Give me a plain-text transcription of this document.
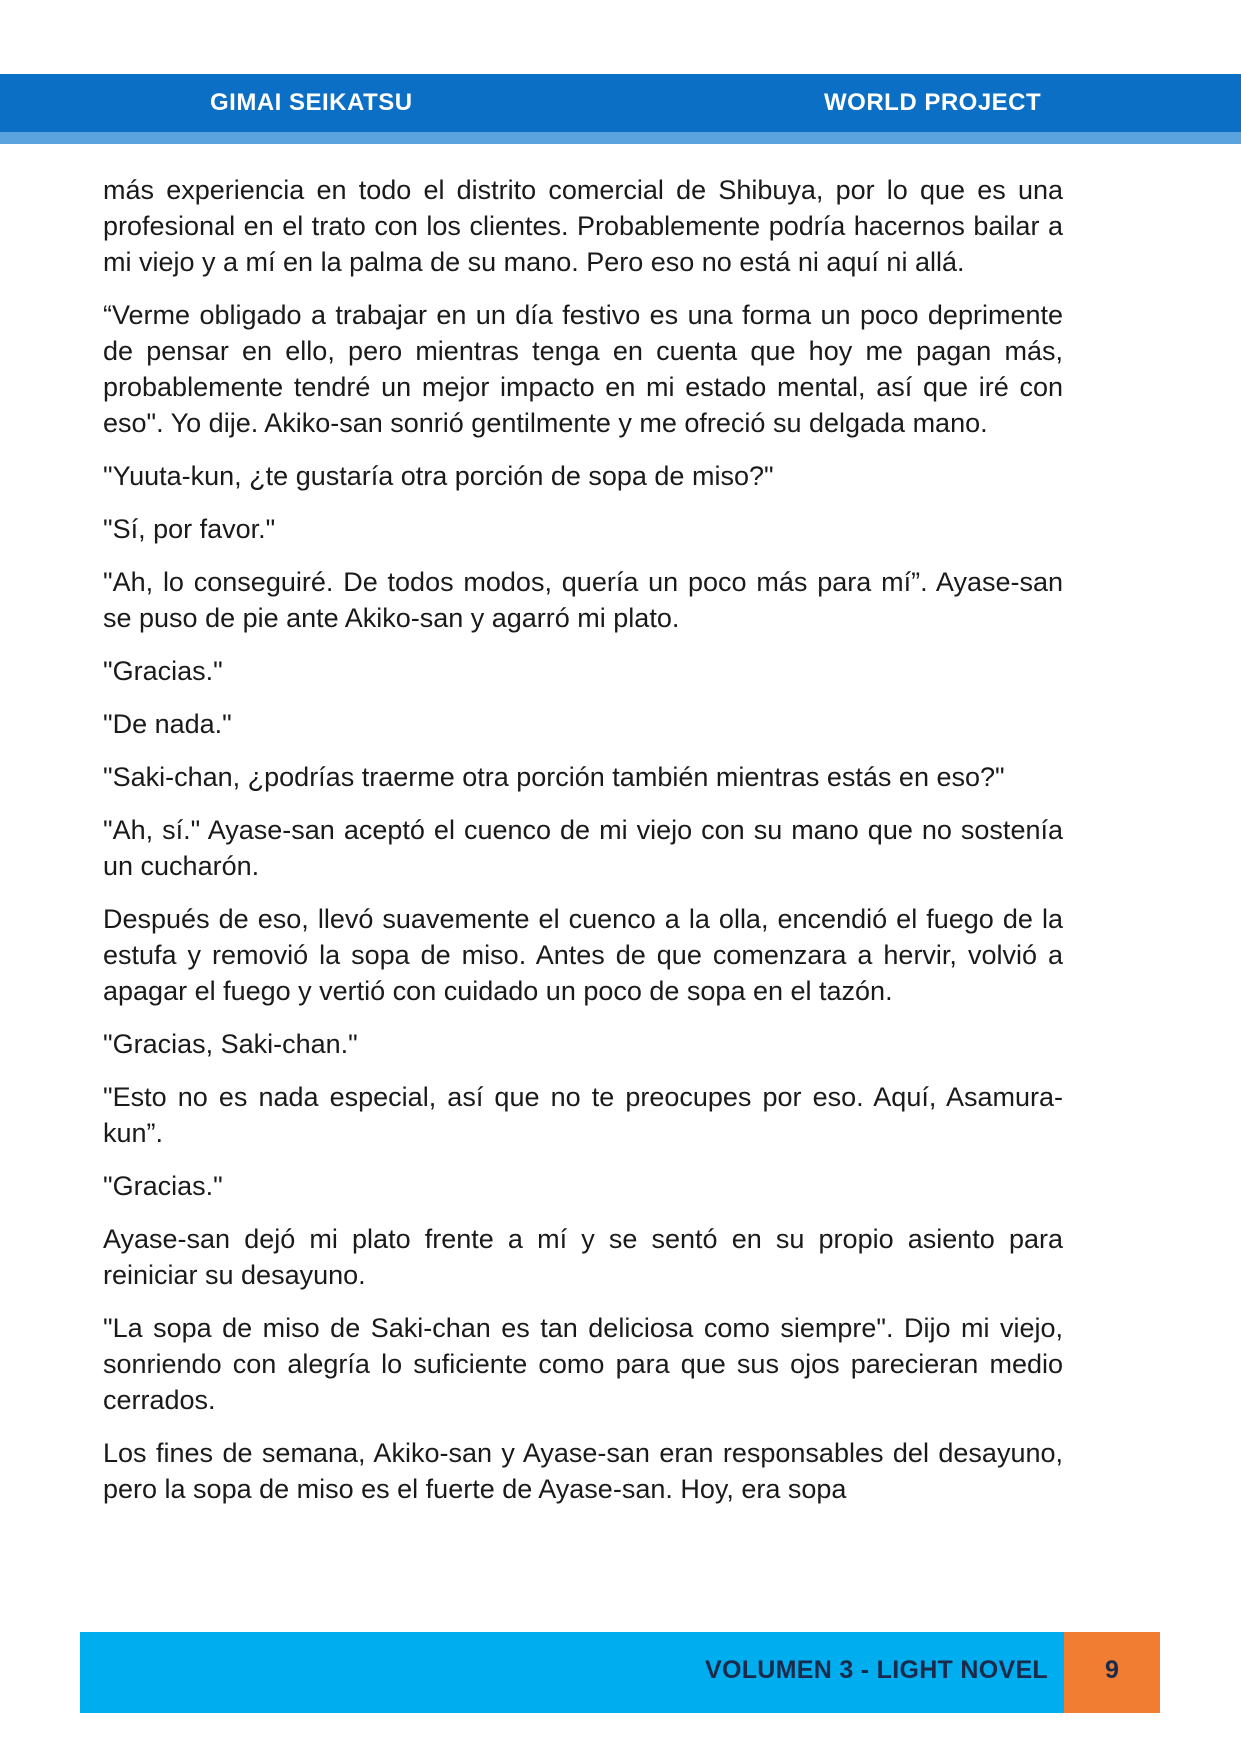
GIMAI SEIKATSU	WORLD PROJECT

más experiencia en todo el distrito comercial de Shibuya, por lo que es una profesional en el trato con los clientes. Probablemente podría hacernos bailar a mi viejo y a mí en la palma de su mano. Pero eso no está ni aquí ni allá.

“Verme obligado a trabajar en un día festivo es una forma un poco deprimente de pensar en ello, pero mientras tenga en cuenta que hoy me pagan más, probablemente tendré un mejor impacto en mi estado mental, así que iré con eso". Yo dije. Akiko-san sonrió gentilmente y me ofreció su delgada mano.

"Yuuta-kun, ¿te gustaría otra porción de sopa de miso?"

"Sí, por favor."

"Ah, lo conseguiré. De todos modos, quería un poco más para mí”. Ayase-san se puso de pie ante Akiko-san y agarró mi plato.

"Gracias."

"De nada."

"Saki-chan, ¿podrías traerme otra porción también mientras estás en eso?"

"Ah, sí." Ayase-san aceptó el cuenco de mi viejo con su mano que no sostenía un cucharón.

Después de eso, llevó suavemente el cuenco a la olla, encendió el fuego de la estufa y removió la sopa de miso. Antes de que comenzara a hervir, volvió a apagar el fuego y vertió con cuidado un poco de sopa en el tazón.

"Gracias, Saki-chan."

"Esto no es nada especial, así que no te preocupes por eso. Aquí, Asamura-kun”.

"Gracias."

Ayase-san dejó mi plato frente a mí y se sentó en su propio asiento para reiniciar su desayuno.

"La sopa de miso de Saki-chan es tan deliciosa como siempre". Dijo mi viejo, sonriendo con alegría lo suficiente como para que sus ojos parecieran medio cerrados.

Los fines de semana, Akiko-san y Ayase-san eran responsables del desayuno, pero la sopa de miso es el fuerte de Ayase-san. Hoy, era sopa

VOLUMEN 3 - LIGHT NOVEL	9
